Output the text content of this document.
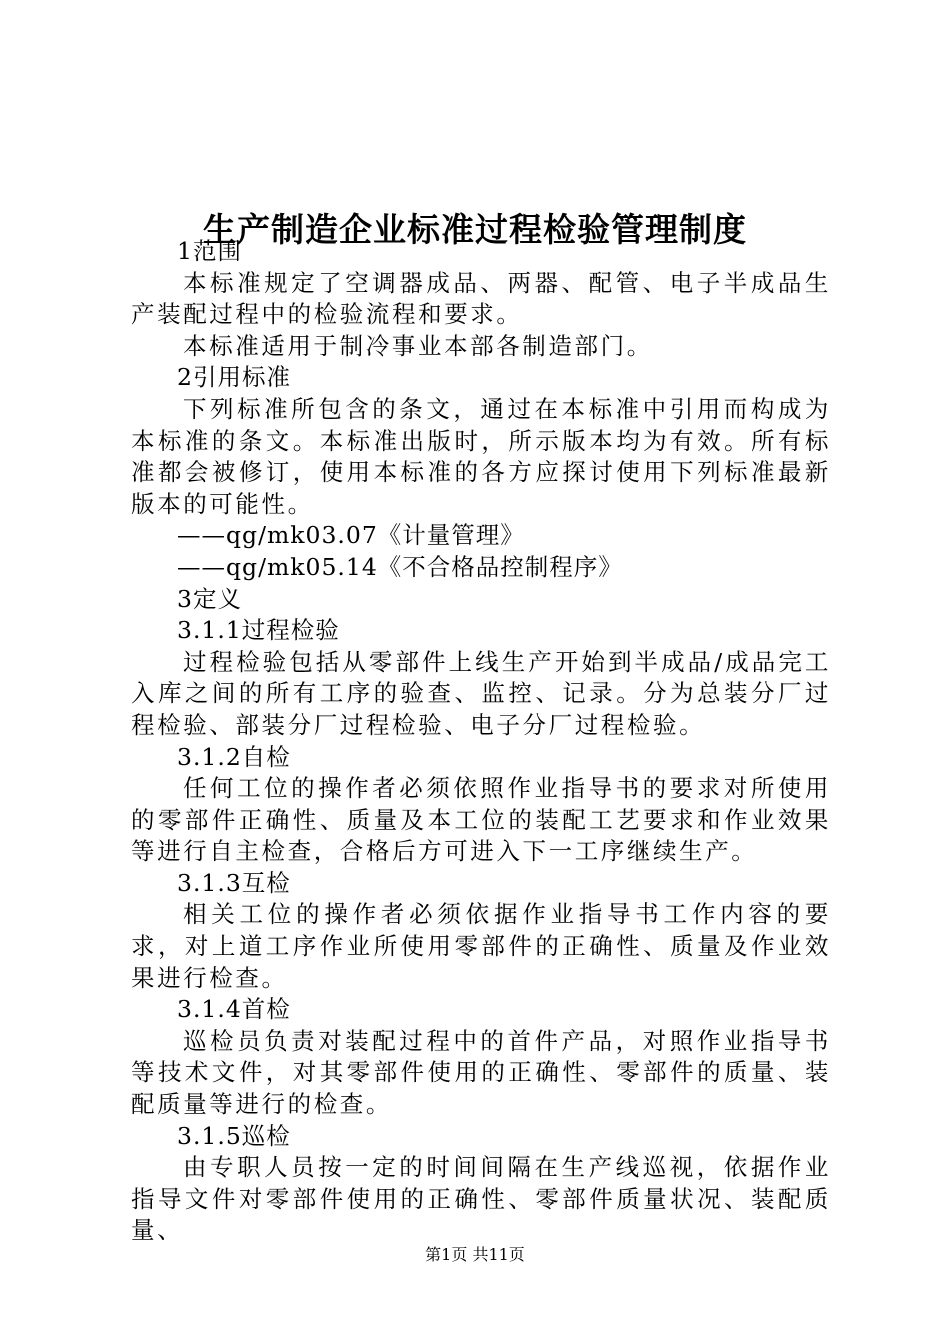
生产制造企业标准过程检验管理制度

1范围

本标准规定了空调器成品、两器、配管、电子半成品生产装配过程中的检验流程和要求。

本标准适用于制冷事业本部各制造部门。

2引用标准

下列标准所包含的条文，通过在本标准中引用而构成为本标准的条文。本标准出版时，所示版本均为有效。所有标准都会被修订，使用本标准的各方应探讨使用下列标准最新版本的可能性。

——qg/mk03.07《计量管理》

——qg/mk05.14《不合格品控制程序》

3定义

3.1.1过程检验

过程检验包括从零部件上线生产开始到半成品/成品完工入库之间的所有工序的验查、监控、记录。分为总装分厂过程检验、部装分厂过程检验、电子分厂过程检验。

3.1.2自检

任何工位的操作者必须依照作业指导书的要求对所使用的零部件正确性、质量及本工位的装配工艺要求和作业效果等进行自主检查，合格后方可进入下一工序继续生产。

3.1.3互检

相关工位的操作者必须依据作业指导书工作内容的要求，对上道工序作业所使用零部件的正确性、质量及作业效果进行检查。

3.1.4首检

巡检员负责对装配过程中的首件产品，对照作业指导书等技术文件，对其零部件使用的正确性、零部件的质量、装配质量等进行的检查。

3.1.5巡检

由专职人员按一定的时间间隔在生产线巡视，依据作业指导文件对零部件使用的正确性、零部件质量状况、装配质量、

第1页 共11页
